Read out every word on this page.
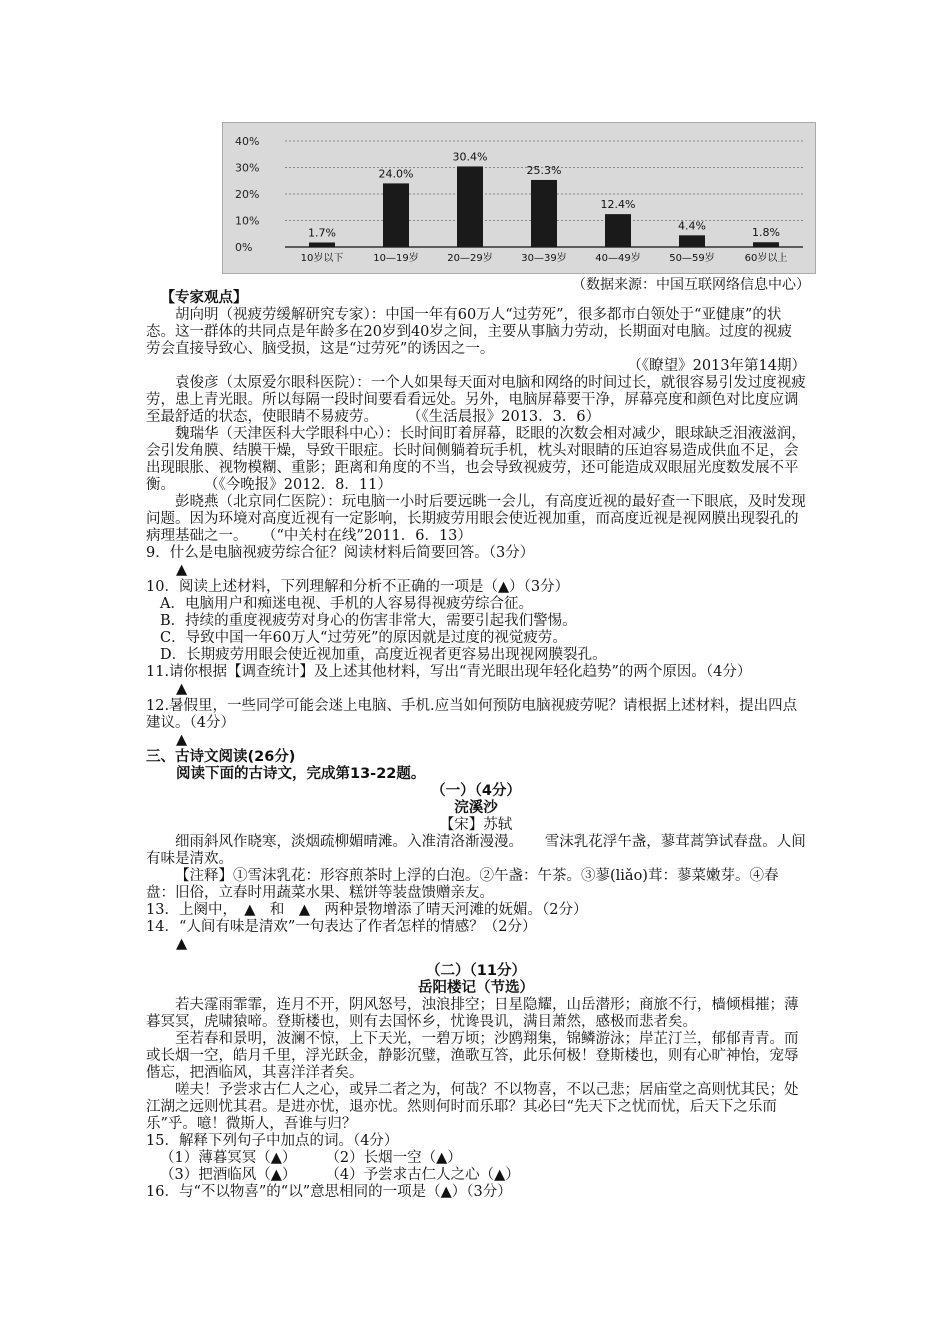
0%
10%
20%
30%
40%
1.7%
10岁以下
24.0%
10—19岁
30.4%
20—29岁
25.3%
30—39岁
12.4%
40—49岁
4.4%
50—59岁
1.8%
60岁以上
（数据来源：中国互联网络信息中心）

【专家观点】

胡向明（视疲劳缓解研究专家）：中国一年有60万人“过劳死”，很多都市白领处于“亚健康”的状态。这一群体的共同点是年龄多在20岁到40岁之间，主要从事脑力劳动，长期面对电脑。过度的视疲劳会直接导致心、脑受损，这是“过劳死”的诱因之一。

（《瞭望》2013年第14期）

袁俊彦（太原爱尔眼科医院）：一个人如果每天面对电脑和网络的时间过长，就很容易引发过度视疲劳，患上青光眼。所以每隔一段时间要看看远处。另外，电脑屏幕要干净，屏幕亮度和颜色对比度应调至最舒适的状态，使眼睛不易疲劳。　　　（《生活晨报》2013．3．6）

魏瑞华（天津医科大学眼科中心）：长时间盯着屏幕，眨眼的次数会相对减少，眼球缺乏泪液滋润，会引发角膜、结膜干燥，导致干眼症。长时间侧躺着玩手机，枕头对眼睛的压迫容易造成供血不足，会出现眼胀、视物模糊、重影；距离和角度的不当，也会导致视疲劳，还可能造成双眼屈光度数发展不平衡。　　　（《今晚报》2012．8．11）

彭晓燕（北京同仁医院）：玩电脑一小时后要远眺一会儿，有高度近视的最好查一下眼底，及时发现问题。因为环境对高度近视有一定影响，长期疲劳用眼会使近视加重，而高度近视是视网膜出现裂孔的病理基础之一。　　（“中关村在线”2011．6．13）

9．什么是电脑视疲劳综合征？阅读材料后简要回答。（3分）

▲

10．阅读上述材料，下列理解和分析不正确的一项是（▲）（3分）

A．电脑用户和痴迷电视、手机的人容易得视疲劳综合征。

B．持续的重度视疲劳对身心的伤害非常大，需要引起我们警惕。

C．导致中国一年60万人“过劳死”的原因就是过度的视觉疲劳。

D．长期疲劳用眼会使近视加重，高度近视者更容易出现视网膜裂孔。

11.请你根据【调查统计】及上述其他材料，写出“青光眼出现年轻化趋势”的两个原因。（4分）

▲

12.暑假里，一些同学可能会迷上电脑、手机.应当如何预防电脑视疲劳呢？请根据上述材料，提出四点建议。（4分）

▲

三、古诗文阅读(26分)

阅读下面的古诗文，完成第13-22题。

（一）（4分）

浣溪沙

【宋】苏轼

细雨斜风作晓寒，淡烟疏柳媚晴滩。入准清洛渐漫漫。　　雪沫乳花浮午盏，蓼茸蒿笋试春盘。人间有味是清欢。

【注释】①雪沫乳花：形容煎茶时上浮的白泡。②午盏：午茶。③蓼(liǎo)茸：蓼菜嫩芽。④春盘：旧俗，立春时用蔬菜水果、糕饼等装盘馈赠亲友。

13．上阕中，　▲　和　▲　两种景物增添了晴天河滩的妩媚。（2分）

14．“人间有味是清欢”一句表达了作者怎样的情感？（2分）

▲

（二）（11分）

岳阳楼记（节选）

若夫霪雨霏霏，连月不开，阴风怒号，浊浪排空；日星隐耀，山岳潜形；商旅不行，樯倾楫摧；薄暮冥冥，虎啸猿啼。登斯楼也，则有去国怀乡，忧谗畏讥，满目萧然，感极而悲者矣。

至若春和景明，波澜不惊，上下天光，一碧万顷；沙鸥翔集，锦鳞游泳；岸芷汀兰，郁郁青青。而或长烟一空，皓月千里，浮光跃金，静影沉璧，渔歌互答，此乐何极！登斯楼也，则有心旷神怡，宠辱偕忘，把酒临风，其喜洋洋者矣。

嗟夫！予尝求古仁人之心，或异二者之为，何哉？不以物喜，不以己悲；居庙堂之高则忧其民；处江湖之远则忧其君。是进亦忧，退亦忧。然则何时而乐耶？其必曰“先天下之忧而忧，后天下之乐而乐”乎。噫！微斯人，吾谁与归？

15．解释下列句子中加点的词。（4分）

（1）薄暮冥冥（▲）　　　（2）长烟一空（▲）

（3）把酒临风（▲）　　　（4）予尝求古仁人之心（▲）

16．与“不以物喜”的“以”意思相同的一项是（▲）（3分）
